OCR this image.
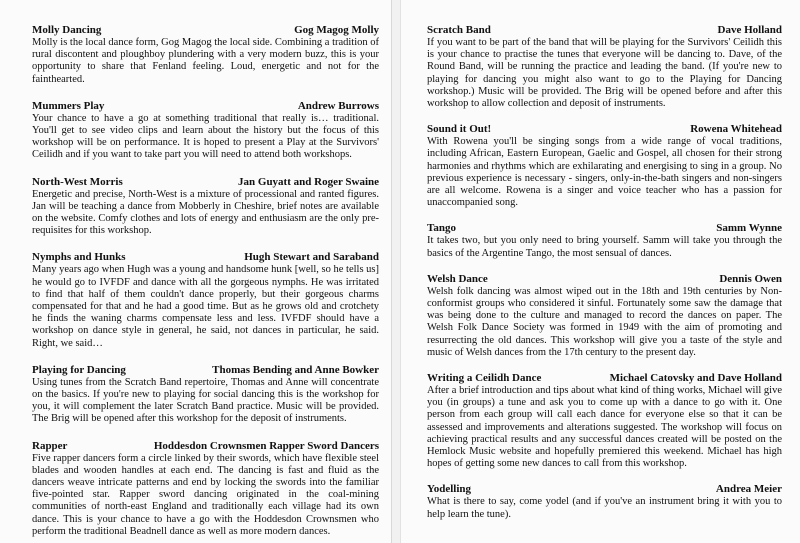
Molly Dancing	Gog Magog Molly

Molly is the local dance form, Gog Magog the local side. Combining a tradition of rural discontent and ploughboy plundering with a very modern buzz, this is your opportunity to share that Fenland feeling. Loud, energetic and not for the fainthearted.

Mummers Play	Andrew Burrows

Your chance to have a go at something traditional that really is… traditional. You'll get to see video clips and learn about the history but the focus of this workshop will be on performance. It is hoped to present a Play at the Survivors' Ceilidh and if you want to take part you will need to attend both workshops.

North-West Morris	Jan Guyatt and Roger Swaine

Energetic and precise, North-West is a mixture of processional and ranted figures. Jan will be teaching a dance from Mobberly in Cheshire, brief notes are available on the website. Comfy clothes and lots of energy and enthusiasm are the only pre-requisites for this workshop.

Nymphs and Hunks	Hugh Stewart and Saraband

Many years ago when Hugh was a young and handsome hunk [well, so he tells us] he would go to IVFDF and dance with all the gorgeous nymphs. He was irritated to find that half of them couldn't dance properly, but their gorgeous charms compensated for that and he had a good time. But as he grows old and crotchety he finds the waning charms compensate less and less. IVFDF should have a workshop on dance style in general, he said, not dances in particular, he said. Right, we said…

Playing for Dancing	Thomas Bending and Anne Bowker

Using tunes from the Scratch Band repertoire, Thomas and Anne will concentrate on the basics. If you're new to playing for social dancing this is the workshop for you, it will complement the later Scratch Band practice. Music will be provided. The Brig will be opened after this workshop for the deposit of instruments.

Rapper	Hoddesdon Crownsmen Rapper Sword Dancers

Five rapper dancers form a circle linked by their swords, which have flexible steel blades and wooden handles at each end. The dancing is fast and fluid as the dancers weave intricate patterns and end by locking the swords into the familiar five-pointed star. Rapper sword dancing originated in the coal-mining communities of north-east England and traditionally each village had its own dance. This is your chance to have a go with the Hoddesdon Crownsmen who perform the traditional Beadnell dance as well as more modern dances.

Scratch Band	Dave Holland

If you want to be part of the band that will be playing for the Survivors' Ceilidh this is your chance to practise the tunes that everyone will be dancing to. Dave, of the Round Band, will be running the practice and leading the band. (If you're new to playing for dancing you might also want to go to the Playing for Dancing workshop.) Music will be provided. The Brig will be opened before and after this workshop to allow collection and deposit of instruments.

Sound it Out!	Rowena Whitehead

With Rowena you'll be singing songs from a wide range of vocal traditions, including African, Eastern European, Gaelic and Gospel, all chosen for their strong harmonies and rhythms which are exhilarating and energising to sing in a group. No previous experience is necessary - singers, only-in-the-bath singers and non-singers are all welcome. Rowena is a singer and voice teacher who has a passion for unaccompanied song.

Tango	Samm Wynne

It takes two, but you only need to bring yourself. Samm will take you through the basics of the Argentine Tango, the most sensual of dances.

Welsh Dance	Dennis Owen

Welsh folk dancing was almost wiped out in the 18th and 19th centuries by Non-conformist groups who considered it sinful. Fortunately some saw the damage that was being done to the culture and managed to record the dances on paper. The Welsh Folk Dance Society was formed in 1949 with the aim of promoting and resurrecting the old dances. This workshop will give you a taste of the style and music of Welsh dances from the 17th century to the present day.

Writing a Ceilidh Dance	Michael Catovsky and Dave Holland

After a brief introduction and tips about what kind of thing works, Michael will give you (in groups) a tune and ask you to come up with a dance to go with it. One person from each group will call each dance for everyone else so that it can be assessed and improvements and alterations suggested. The workshop will focus on achieving practical results and any successful dances created will be posted on the Hemlock Music website and hopefully premiered this weekend. Michael has high hopes of getting some new dances to call from this workshop.

Yodelling	Andrea Meier

What is there to say, come yodel (and if you've an instrument bring it with you to help learn the tune).
